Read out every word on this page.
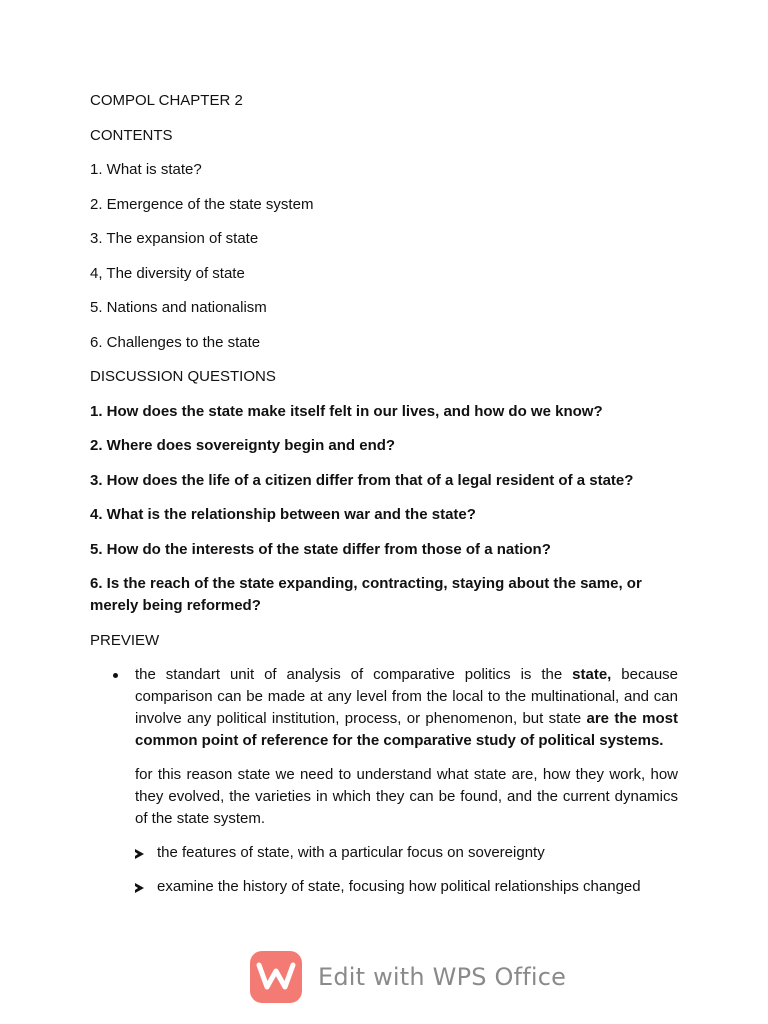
COMPOL CHAPTER 2

CONTENTS

1. What is state?

2. Emergence of the state system

3. The expansion of state

4, The diversity of state

5. Nations and nationalism

6. Challenges to the state

DISCUSSION QUESTIONS

1. How does the state make itself felt in our lives, and how do we know?

2. Where does sovereignty begin and end?

3. How does the life of a citizen differ from that of a legal resident of a state?

4. What is the relationship between war and the state?

5. How do the interests of the state differ from those of a nation?

6. Is the reach of the state expanding, contracting, staying about the same, or merely being reformed?

PREVIEW

the standart unit of analysis of comparative politics is the state, because comparison can be made at any level from the local to the multinational, and can involve any political institution, process, or phenomenon, but state are the most common point of reference for the comparative study of political systems.

for this reason state we need to understand what state are, how they work, how they evolved, the varieties in which they can be found, and the current dynamics of the state system.

the features of state, with a particular focus on sovereignty
examine the history of state, focusing how political relationships changed
Edit with WPS Office
